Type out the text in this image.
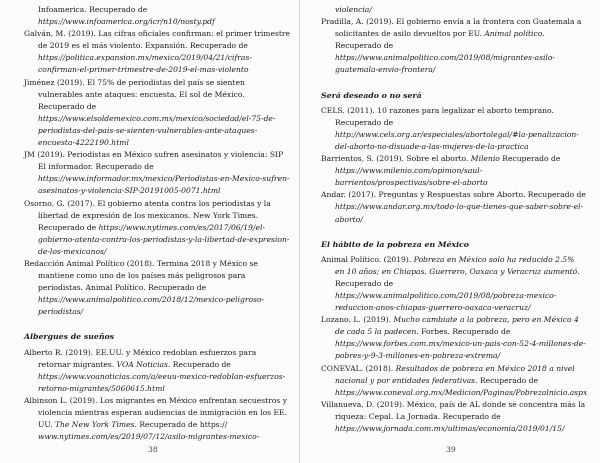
Infoamerica. Recuperado de https://www.infoamerica.org/icr/n10/nosty.pdf

Galván, M. (2019). Las cifras oficiales confirman: el primer trimestre de 2019 es el más violento. Expansión. Recuperado de https://politica.expansion.mx/mexico/2019/04/21/cifras-confirman-el-primer-trimestre-de-2019-el-mas-violento

Jiménez (2019). El 75% de periodistas del país se sienten vulnerables ante ataques: encuesta. El sol de México. Recuperado de https://www.elsoldemexico.com.mx/mexico/sociedad/el-75-de-periodistas-del-pais-se-sienten-vulnerables-ante-ataques-encuesta-4222190.html

JM (2019). Periodistas en México sufren asesinatos y violencia: SIP El informador. Recuperado de https://www.informador.mx/mexico/Periodistas-en-Mexico-sufren-asesinatos-y-violencia-SIP-20191005-0071.html

Osorno, G. (2017). El gobierno atenta contra los periodistas y la libertad de expresión de los mexicanos. New York Times. Recuperado de https://www.nytimes.com/es/2017/06/19/el-gobierno-atenta-contra-los-periodistas-y-la-libertad-de-expresion-de-los-mexicanos/

Redacción Animal Político (2018). Termina 2018 y México se mantiene como uno de los países más peligrosos para periodistas. Animal Político. Recuperado de https://www.animalpolitico.com/2018/12/mexico-peligroso-periodistas/

Albergues de sueños

Alberto R. (2019). EE.UU. y México redoblan esfuerzos para retornar migrantes. VOA Noticias. Recuperado de https://www.voanoticias.com/a/eeuu-mexico-redoblan-esfuerzos-retorno-migrantes/5060615.html

Albinson L. (2019). Los migrantes en México enfrentan secuestros y violencia mientras esperan audiencias de inmigración en los EE. UU. The New York Times. Recuperado de https:// www.nytimes.com/es/2019/07/12/asilo-migrantes-mexico-

38

violencia/

Pradilla, A. (2019). El gobierno envía a la frontera con Guatemala a solicitantes de asilo devueltos por EU. Animal político. Recuperado de https://www.animalpolitico.com/2019/08/migrantes-asilo-guatemala-envio-frontera/

Será deseado o no será

CELS. (2011). 10 razones para legalizar el aborto temprano. Recuperado de http://www.cels.org.ar/especiales/abortolegal/#la-penalizacion-del-aborto-no-disuade-a-las-mujeres-de-la-practica

Barrientos, S. (2019). Sobre el aborto. Milenio Recuperado de https://www.milenio.com/opinion/saul-barrientos/prospectivas/sobre-el-aborto

Andar. (2017). Preguntas y Respuestas sobre Aborto. Recuperado de https://www.andar.org.mx/todo-lo-que-tienes-que-saber-sobre-el-aborto/

El hábito de la pobreza en México

Animal Político. (2019). Pobreza en México solo ha reducido 2.5% en 10 años; en Chiapas, Guerrero, Oaxaca y Veracruz aumentó. Recuperado de https://www.animalpolitico.com/2019/08/pobreza-mexico-reduccion-anos-chiapas-guerrero-oaxaca-veracruz/

Lozano, L. (2019). Mucho cambiate a la pobreza, pero en México 4 de cada 5 la padecen. Forbes. Recuperado de https://www.forbes.com.mx/mexico-un-pais-con-52-4-millones-de-pobres-y-9-3-millones-en-pobreza-extrema/

CONEVAL. (2018). Resultados de pobreza en México 2018 a nivel nacional y por entidades federativas. Recuperado de https://www.coneval.org.mx/Medicion/Paginas/Pobrezalnicio.aspx

Villanueva, D. (2019). México, país de AL donde se concentra más la riqueza: Cepal. La Jornada. Recuperado de https://www.jornada.com.mx/ultimas/economia/2019/01/15/

39
